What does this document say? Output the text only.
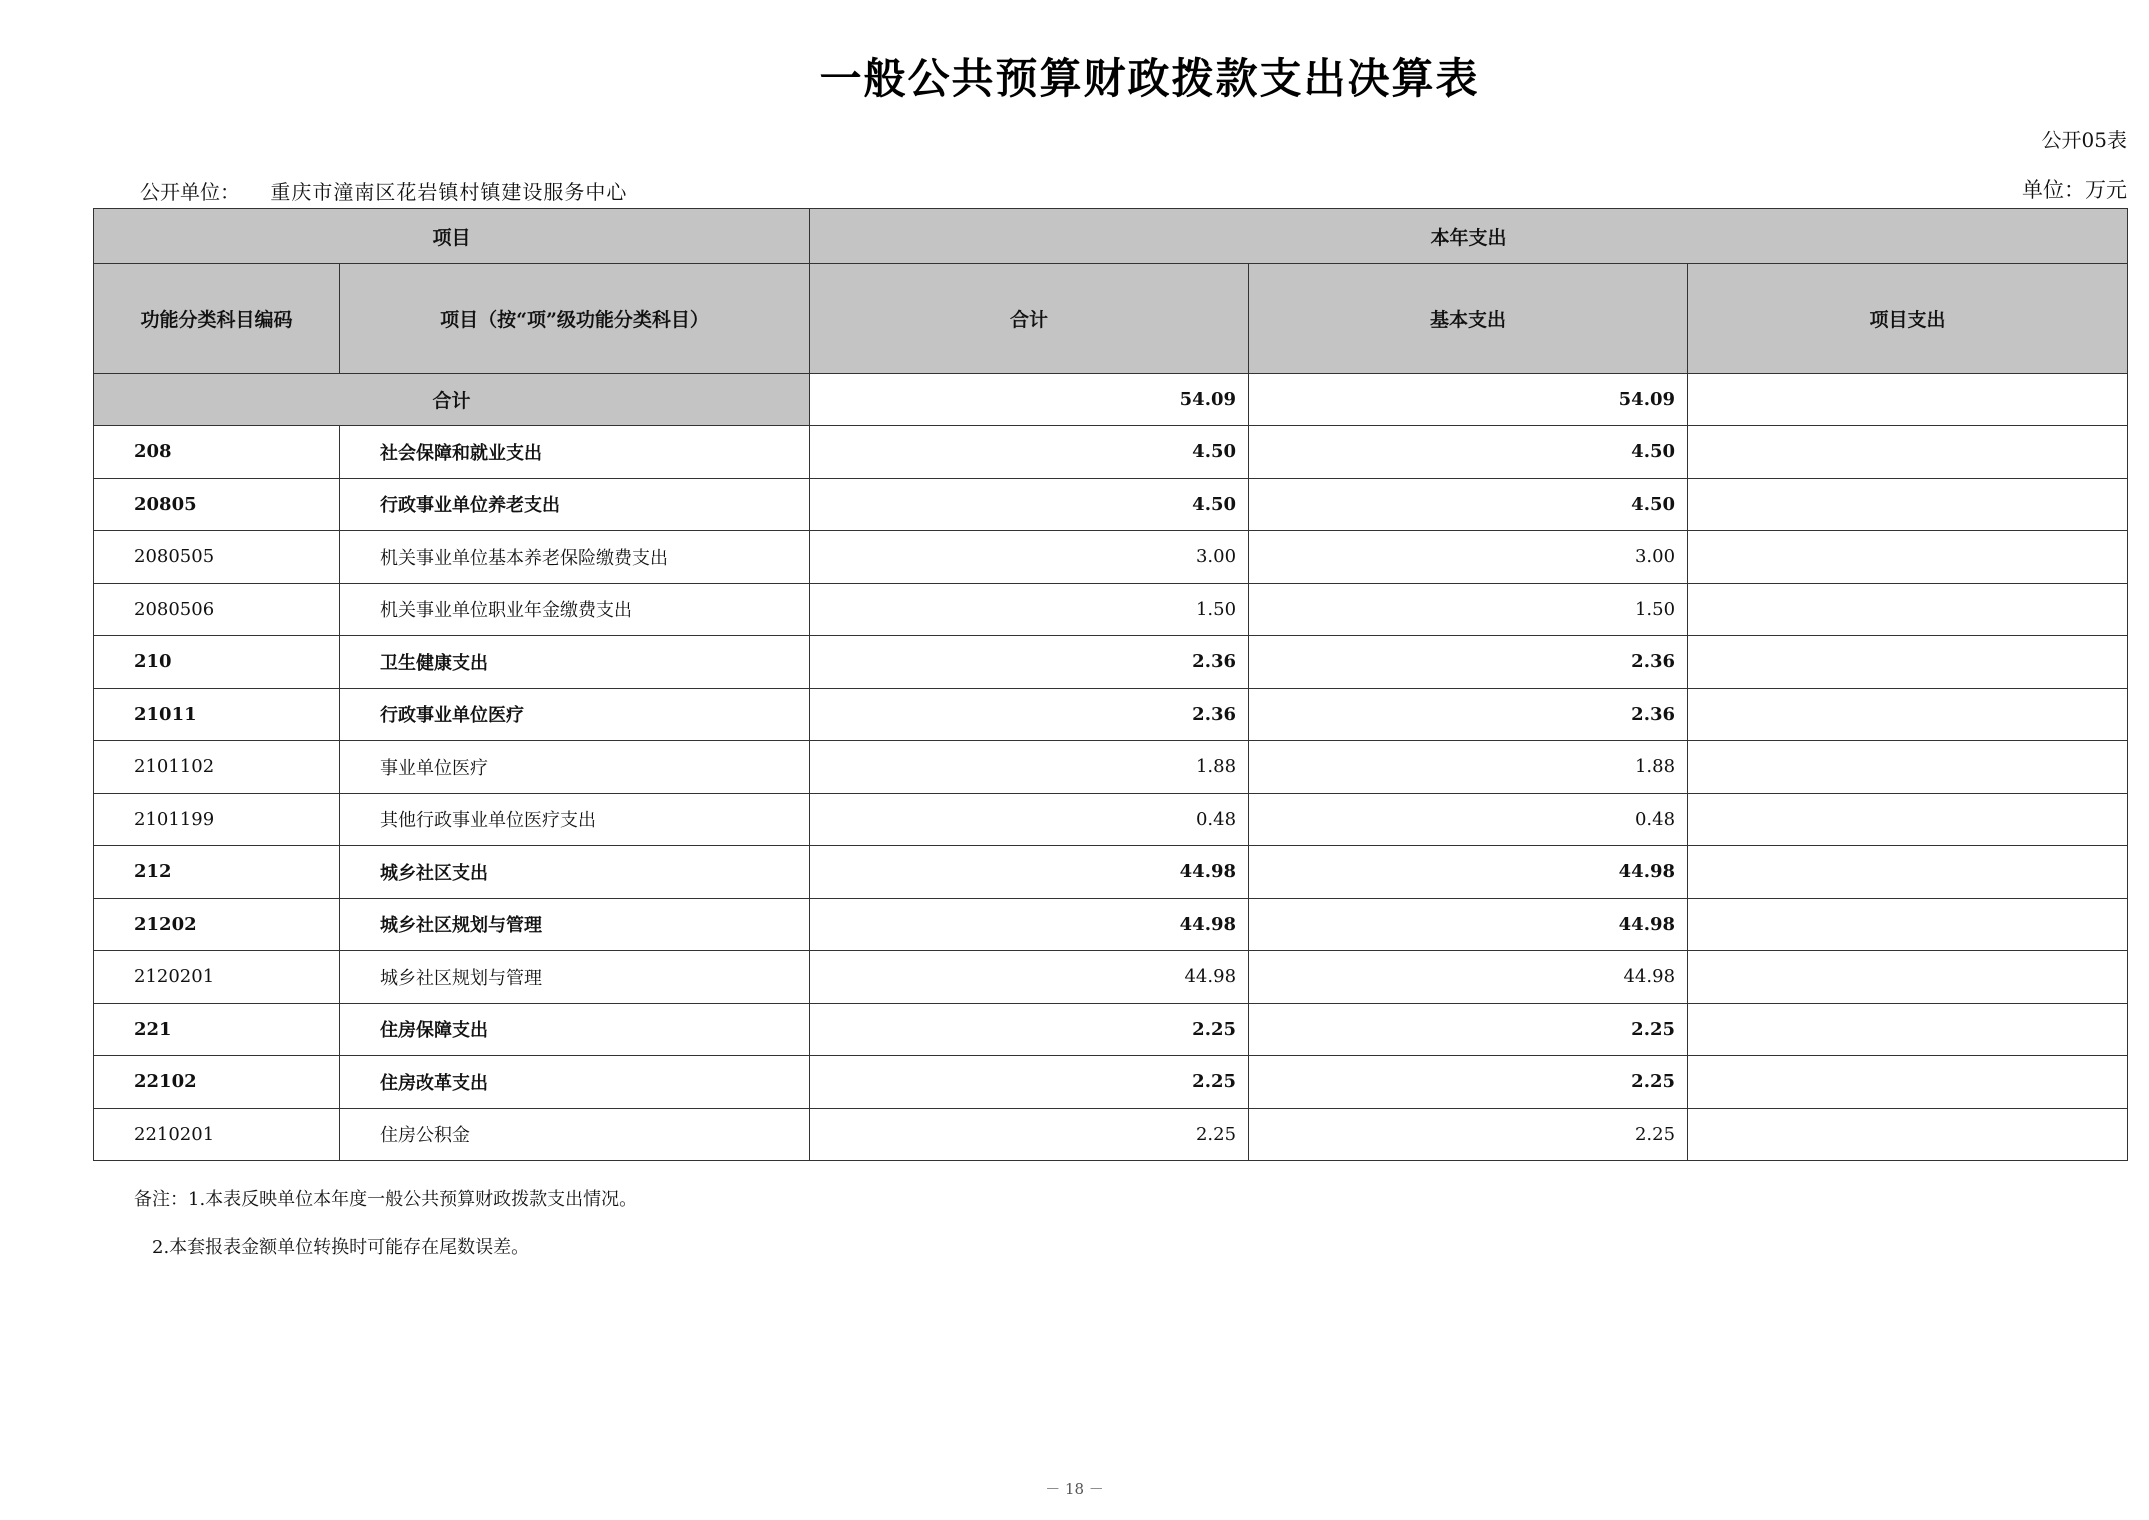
一般公共预算财政拨款支出决算表
公开05表
公开单位： 重庆市潼南区花岩镇村镇建设服务中心	单位：万元
项目		本年支出		
功能分类科目编码	项目（按“项”级功能分类科目）	合计	基本支出	项目支出
合计		54.09	54.09	
208	社会保障和就业支出	4.50	4.50	
20805	行政事业单位养老支出	4.50	4.50	
2080505	机关事业单位基本养老保险缴费支出	3.00	3.00	
2080506	机关事业单位职业年金缴费支出	1.50	1.50	
210	卫生健康支出	2.36	2.36	
21011	行政事业单位医疗	2.36	2.36	
2101102	事业单位医疗	1.88	1.88	
2101199	其他行政事业单位医疗支出	0.48	0.48	
212	城乡社区支出	44.98	44.98	
21202	城乡社区规划与管理	44.98	44.98	
2120201	城乡社区规划与管理	44.98	44.98	
221	住房保障支出	2.25	2.25	
22102	住房改革支出	2.25	2.25	
2210201	住房公积金	2.25	2.25	
备注：1.本表反映单位本年度一般公共预算财政拨款支出情况。
2.本套报表金额单位转换时可能存在尾数误差。
－ 18 －
